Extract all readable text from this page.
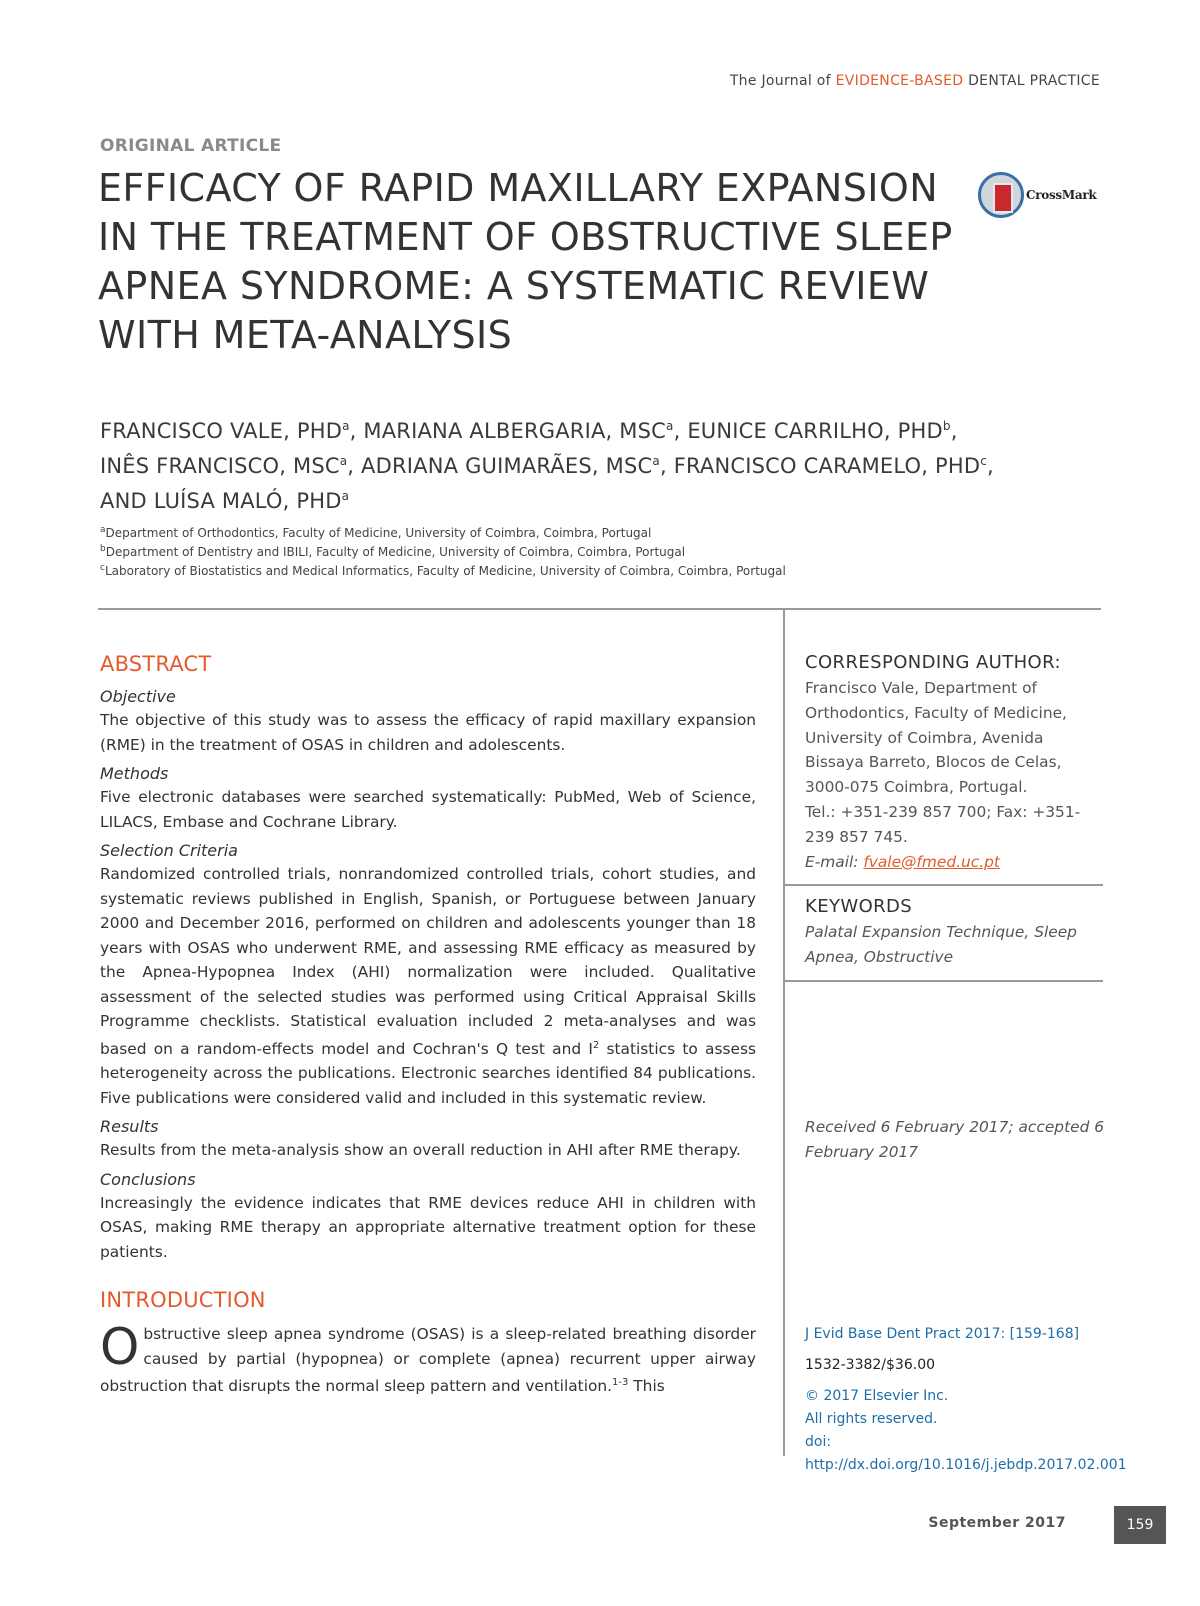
The Journal of EVIDENCE-BASED DENTAL PRACTICE
ORIGINAL ARTICLE
EFFICACY OF RAPID MAXILLARY EXPANSION IN THE TREATMENT OF OBSTRUCTIVE SLEEP APNEA SYNDROME: A SYSTEMATIC REVIEW WITH META-ANALYSIS
CrossMark
FRANCISCO VALE, PHD$^a$, MARIANA ALBERGARIA, MSC$^a$, EUNICE CARRILHO, PHD$^b$,
INÊS FRANCISCO, MSC$^a$, ADRIANA GUIMARÃES, MSC$^a$, FRANCISCO CARAMELO, PHD$^c$,
AND LUÍSA MALÓ, PHD$^a$
$^a$Department of Orthodontics, Faculty of Medicine, University of Coimbra, Coimbra, Portugal
$^b$Department of Dentistry and IBILI, Faculty of Medicine, University of Coimbra, Coimbra, Portugal
$^c$Laboratory of Biostatistics and Medical Informatics, Faculty of Medicine, University of Coimbra, Coimbra, Portugal
ABSTRACT
Objective

The objective of this study was to assess the efficacy of rapid maxillary expansion (RME) in the treatment of OSAS in children and adolescents.

Methods

Five electronic databases were searched systematically: PubMed, Web of Science, LILACS, Embase and Cochrane Library.

Selection Criteria

Randomized controlled trials, nonrandomized controlled trials, cohort studies, and systematic reviews published in English, Spanish, or Portuguese between January 2000 and December 2016, performed on children and adolescents younger than 18 years with OSAS who underwent RME, and assessing RME efficacy as measured by the Apnea-Hypopnea Index (AHI) normalization were included. Qualitative assessment of the selected studies was performed using Critical Appraisal Skills Programme checklists. Statistical evaluation included 2 meta-analyses and was based on a random-effects model and Cochran's Q test and $I^2$ statistics to assess heterogeneity across the publications. Electronic searches identified 84 publications. Five publications were considered valid and included in this systematic review.

Results

Results from the meta-analysis show an overall reduction in AHI after RME therapy.

Conclusions

Increasingly the evidence indicates that RME devices reduce AHI in children with OSAS, making RME therapy an appropriate alternative treatment option for these patients.

INTRODUCTION

Obstructive sleep apnea syndrome (OSAS) is a sleep-related breathing disorder caused by partial (hypopnea) or complete (apnea) recurrent upper airway obstruction that disrupts the normal sleep pattern and ventilation.$^{1-3}$ This

CORRESPONDING AUTHOR:
Francisco Vale, Department of Orthodontics, Faculty of Medicine, University of Coimbra, Avenida Bissaya Barreto, Blocos de Celas, 3000-075 Coimbra, Portugal.
Tel.: +351-239 857 700; Fax: +351-239 857 745.
E-mail: fvale@fmed.uc.pt
KEYWORDS
Palatal Expansion Technique, Sleep Apnea, Obstructive
Received 6 February 2017; accepted 6 February 2017
J Evid Base Dent Pract 2017: [159-168]
1532-3382/$36.00
© 2017 Elsevier Inc.
All rights reserved.
doi: http://dx.doi.org/10.1016/j.jebdp.2017.02.001
September 2017	159
